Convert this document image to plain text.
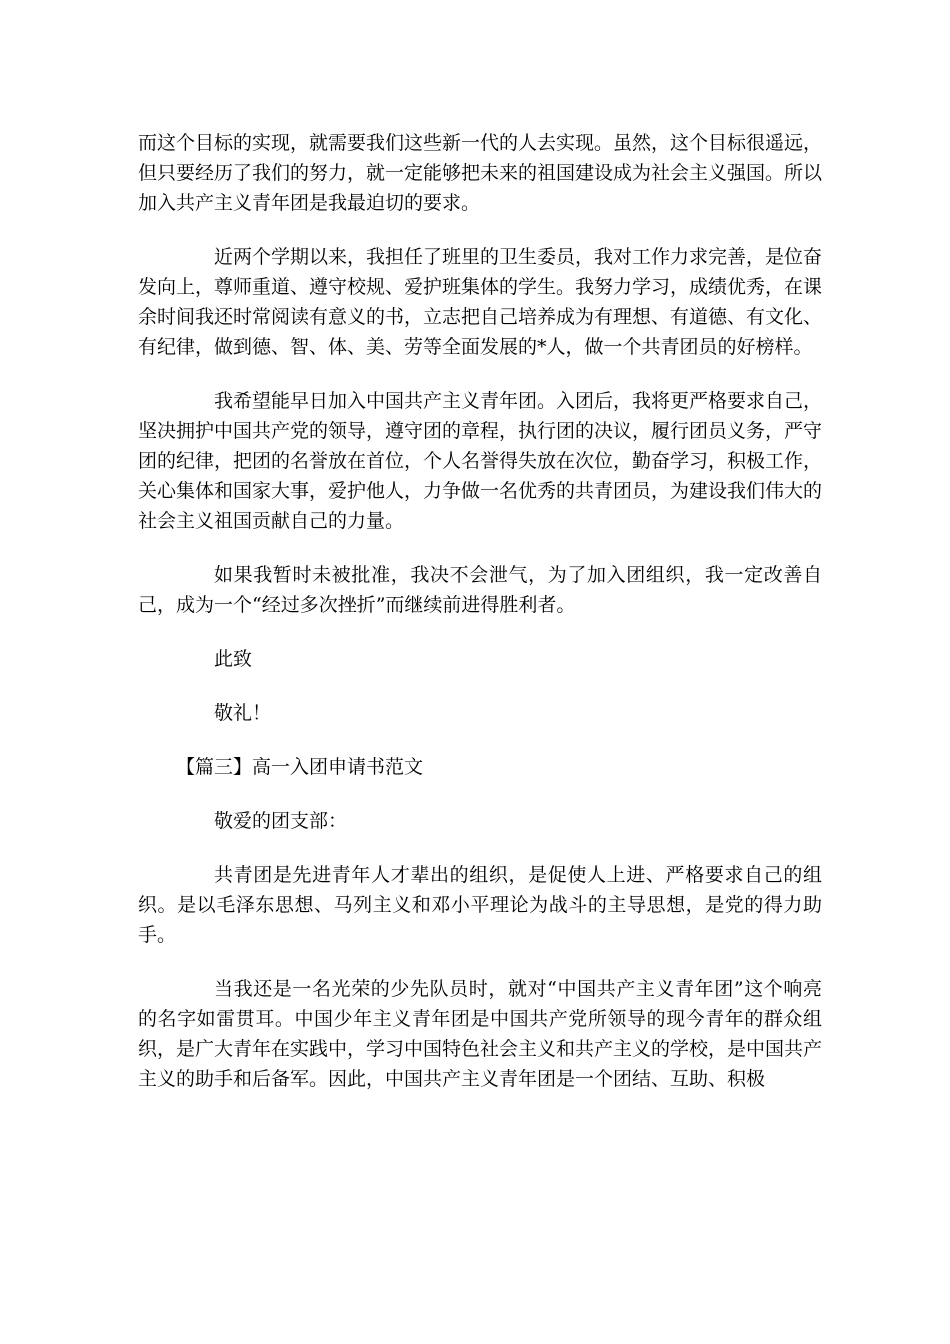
而这个目标的实现，就需要我们这些新一代的人去实现。虽然，这个目标很遥远，但只要经历了我们的努力，就一定能够把未来的祖国建设成为社会主义强国。所以加入共产主义青年团是我最迫切的要求。

近两个学期以来，我担任了班里的卫生委员，我对工作力求完善，是位奋发向上，尊师重道、遵守校规、爱护班集体的学生。我努力学习，成绩优秀，在课余时间我还时常阅读有意义的书，立志把自己培养成为有理想、有道德、有文化、有纪律，做到德、智、体、美、劳等全面发展的*人，做一个共青团员的好榜样。

我希望能早日加入中国共产主义青年团。入团后，我将更严格要求自己，坚决拥护中国共产党的领导，遵守团的章程，执行团的决议，履行团员义务，严守团的纪律，把团的名誉放在首位，个人名誉得失放在次位，勤奋学习，积极工作，关心集体和国家大事，爱护他人，力争做一名优秀的共青团员，为建设我们伟大的社会主义祖国贡献自己的力量。

如果我暂时未被批准，我决不会泄气，为了加入团组织，我一定改善自己，成为一个“经过多次挫折”而继续前进得胜利者。

此致

敬礼！

【篇三】高一入团申请书范文

敬爱的团支部：

共青团是先进青年人才辈出的组织，是促使人上进、严格要求自己的组织。是以毛泽东思想、马列主义和邓小平理论为战斗的主导思想，是党的得力助手。

当我还是一名光荣的少先队员时，就对“中国共产主义青年团”这个响亮的名字如雷贯耳。中国少年主义青年团是中国共产党所领导的现今青年的群众组织，是广大青年在实践中，学习中国特色社会主义和共产主义的学校，是中国共产主义的助手和后备军。因此，中国共产主义青年团是一个团结、互助、积极
